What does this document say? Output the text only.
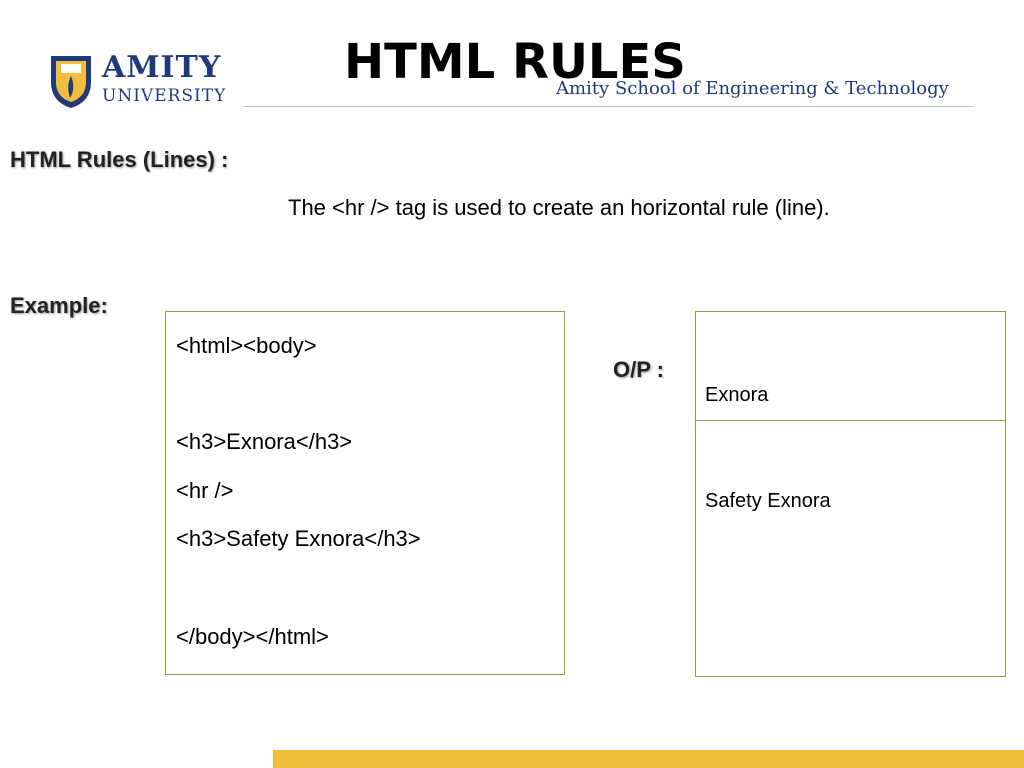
AMITY
UNIVERSITY
HTML RULES
Amity School of Engineering & Technology
HTML Rules (Lines) :
The <hr /> tag is used to create an horizontal rule (line).
Example:
<html><body>
<h3>Exnora</h3>
<hr />
<h3>Safety Exnora</h3>
</body></html>
O/P :
Exnora
Safety Exnora
